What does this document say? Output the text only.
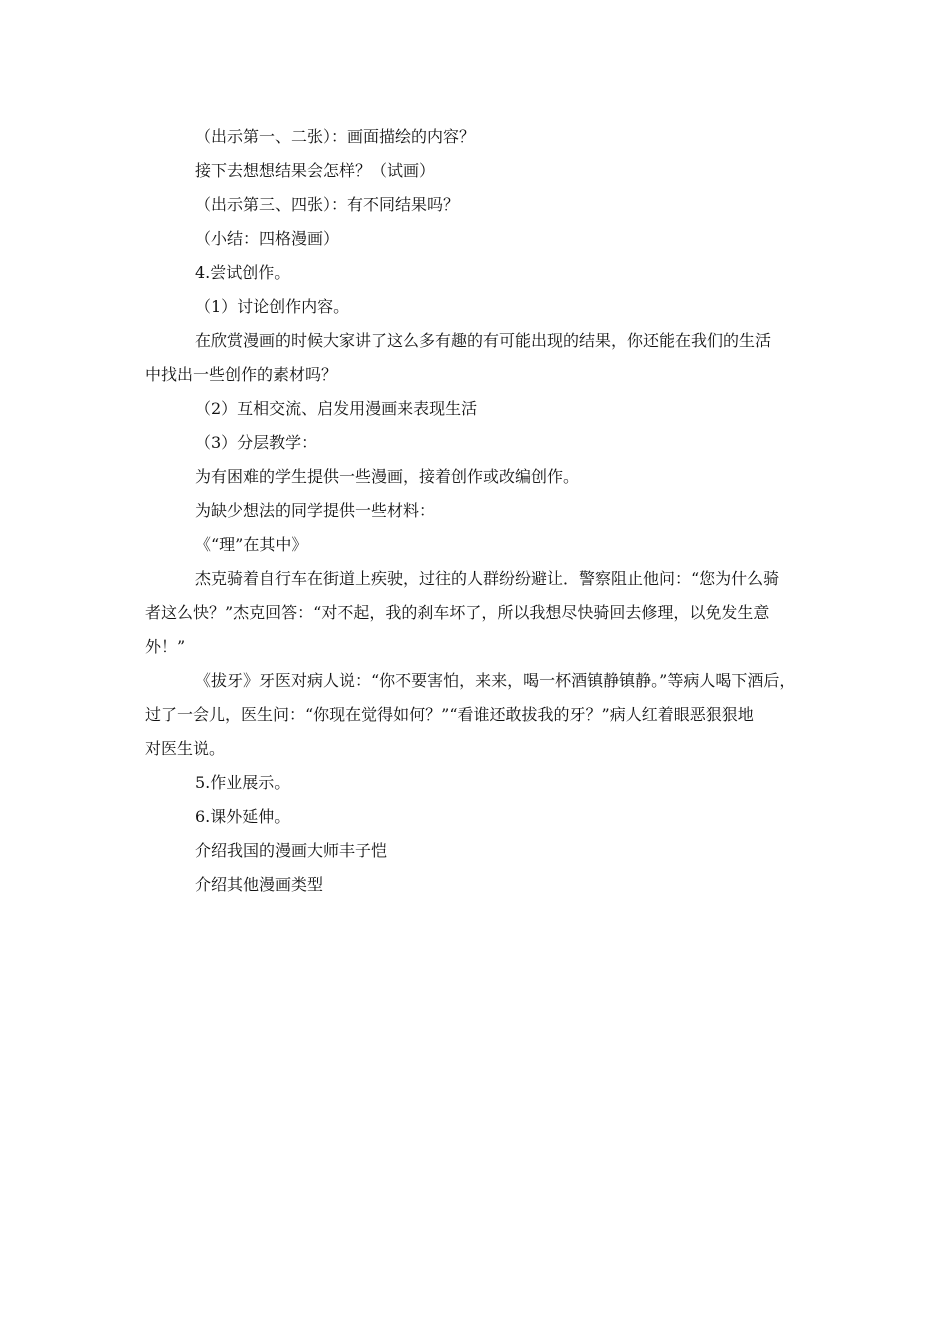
（出示第一、二张）：画面描绘的内容？
接下去想想结果会怎样？（试画）
（出示第三、四张）：有不同结果吗？
（小结：四格漫画）
4.尝试创作。
（1）讨论创作内容。
在欣赏漫画的时候大家讲了这么多有趣的有可能出现的结果，你还能在我们的生活
中找出一些创作的素材吗？
（2）互相交流、启发用漫画来表现生活
（3）分层教学：
为有困难的学生提供一些漫画，接着创作或改编创作。
为缺少想法的同学提供一些材料：
《“理”在其中》
杰克骑着自行车在街道上疾驶，过往的人群纷纷避让．警察阻止他问：“您为什么骑
者这么快？”杰克回答：“对不起，我的刹车坏了，所以我想尽快骑回去修理，以免发生意
外！”
《拔牙》牙医对病人说：“你不要害怕，来来，喝一杯酒镇静镇静。”等病人喝下酒后，
过了一会儿，医生问：“你现在觉得如何？”“看谁还敢拔我的牙？”病人红着眼恶狠狠地
对医生说。
5.作业展示。
6.课外延伸。
介绍我国的漫画大师丰子恺
介绍其他漫画类型
